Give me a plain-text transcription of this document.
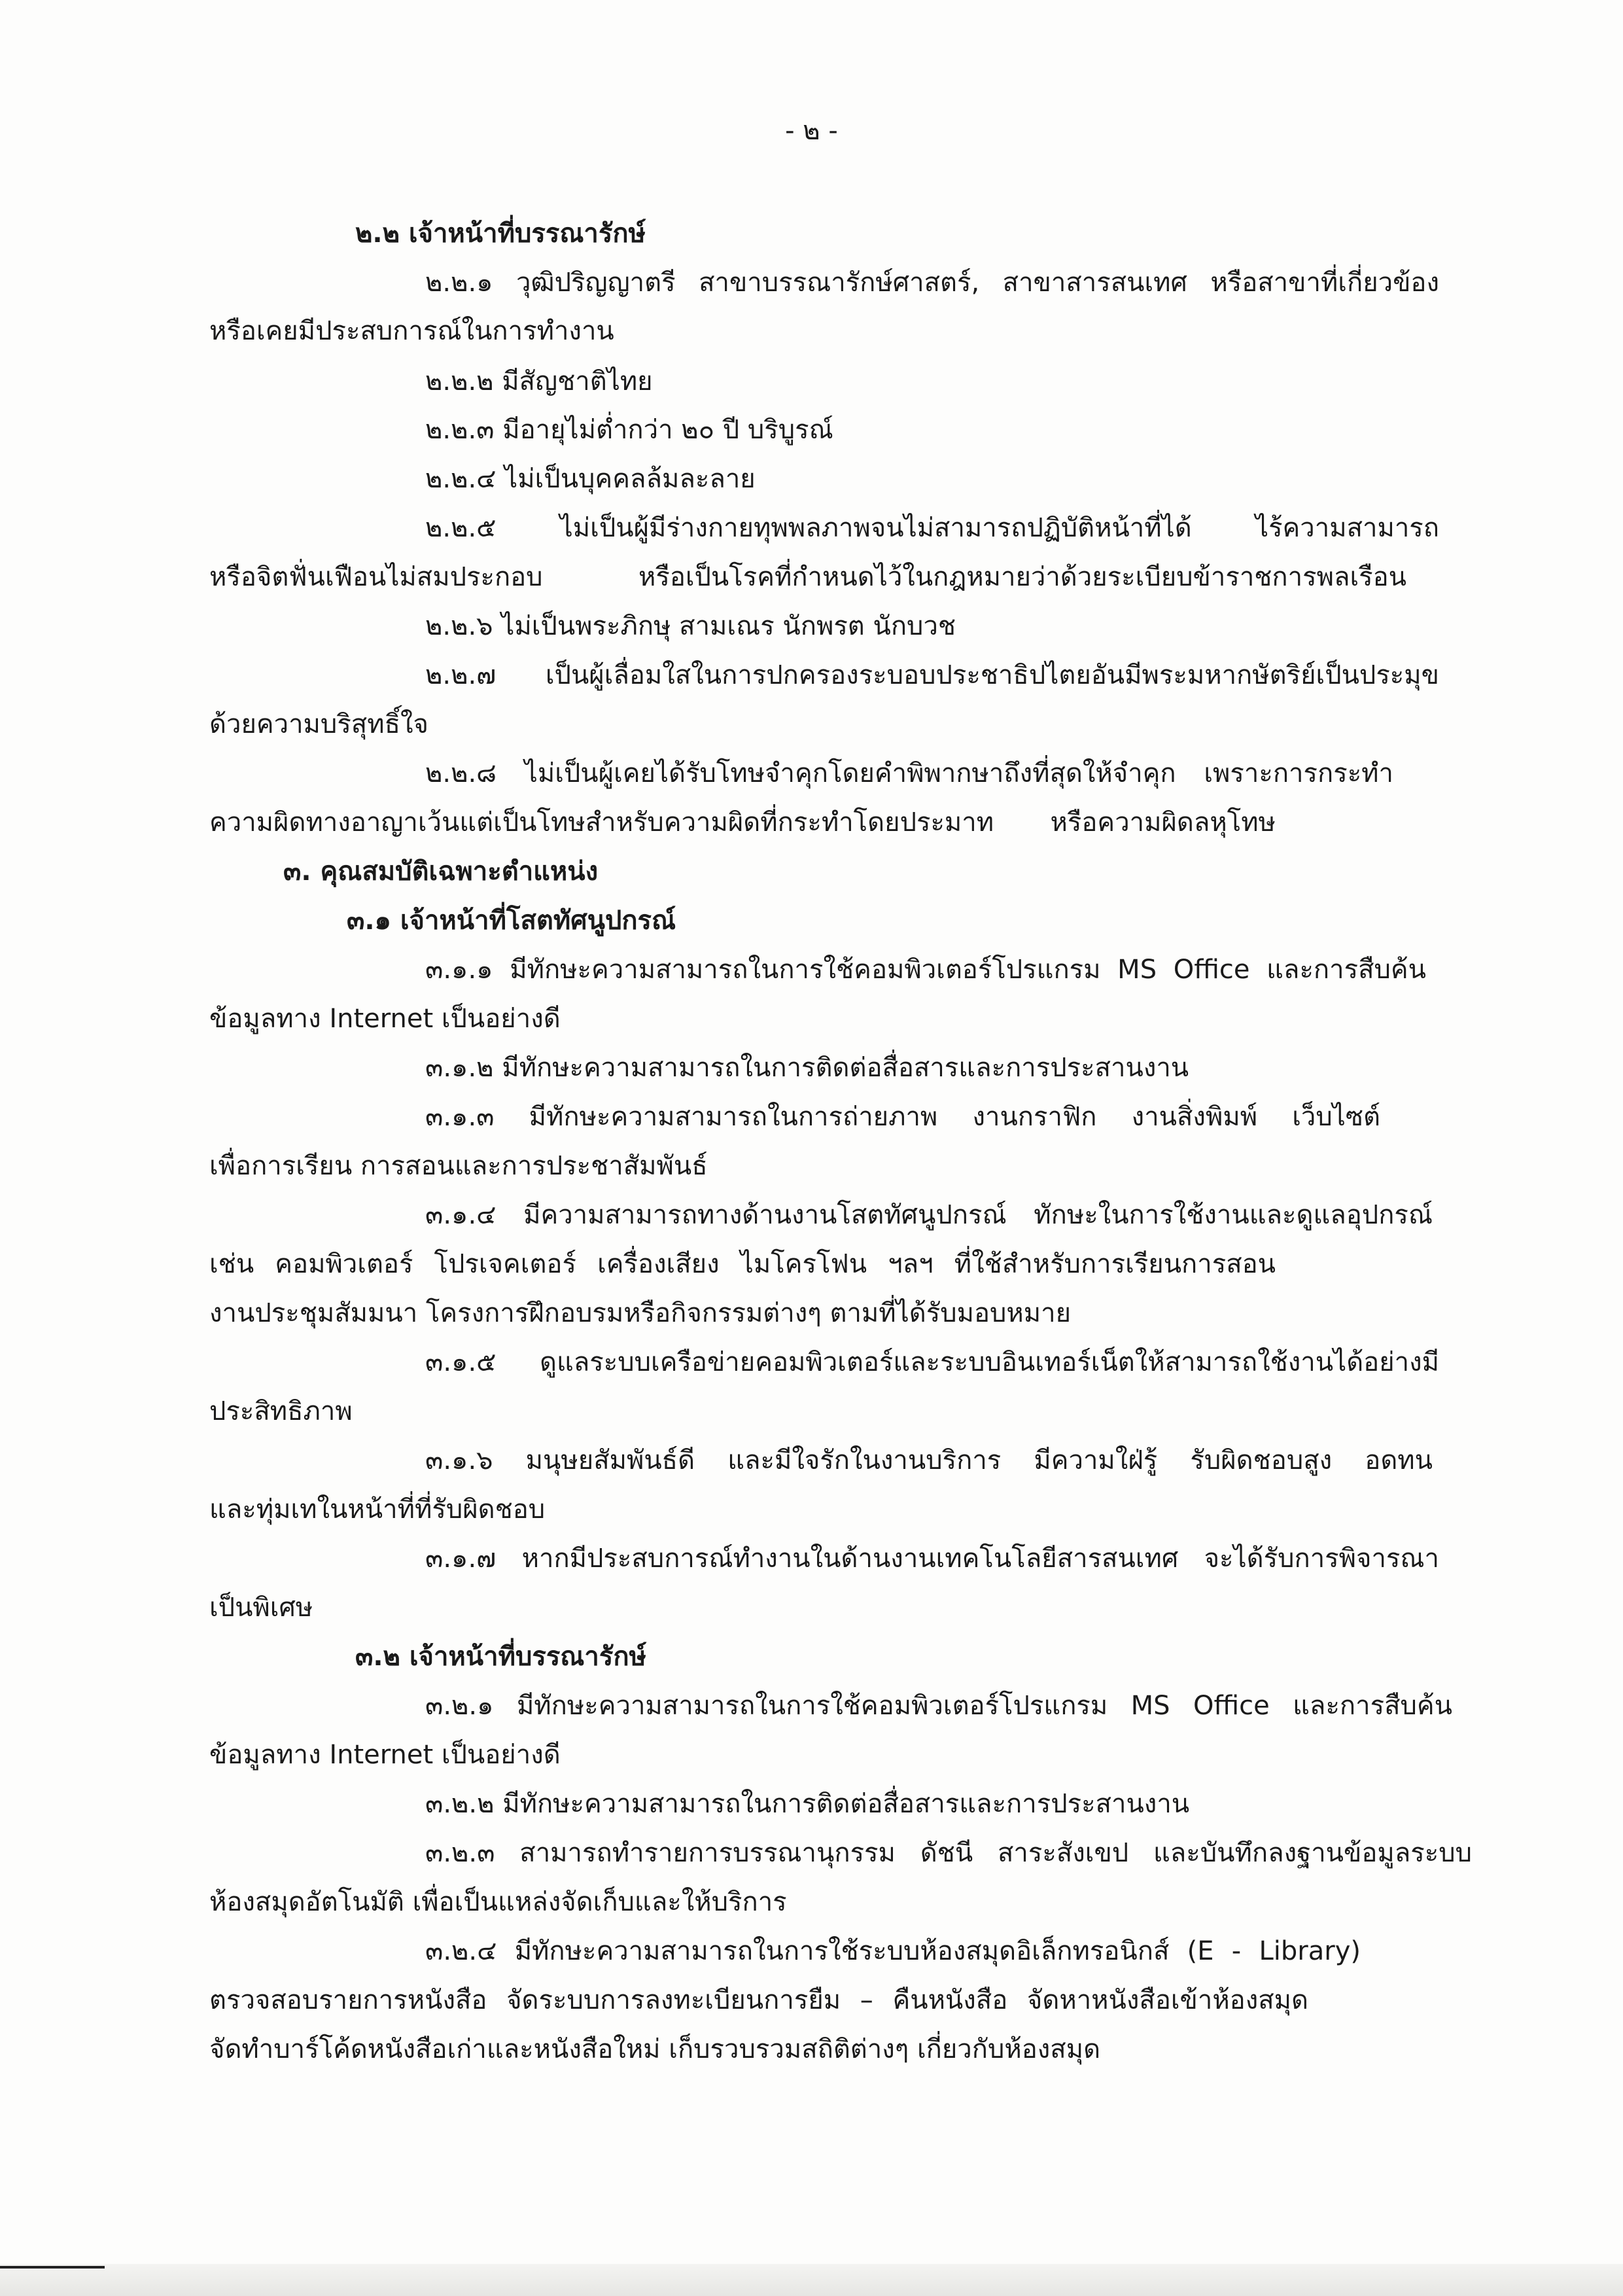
- ๒ -
๒.๒ เจ้าหน้าที่บรรณารักษ์
๒.๒.๑ วุฒิปริญญาตรี สาขาบรรณารักษ์ศาสตร์, สาขาสารสนเทศ หรือสาขาที่เกี่ยวข้อง
หรือเคยมีประสบการณ์ในการทำงาน
๒.๒.๒ มีสัญชาติไทย
๒.๒.๓ มีอายุไม่ต่ำกว่า ๒๐ ปี บริบูรณ์
๒.๒.๔ ไม่เป็นบุคคลล้มละลาย
๒.๒.๕ ไม่เป็นผู้มีร่างกายทุพพลภาพจนไม่สามารถปฏิบัติหน้าที่ได้ ไร้ความสามารถ
หรือจิตฟั่นเฟือนไม่สมประกอบ หรือเป็นโรคที่กำหนดไว้ในกฎหมายว่าด้วยระเบียบข้าราชการพลเรือน
๒.๒.๖ ไม่เป็นพระภิกษุ สามเณร นักพรต นักบวช
๒.๒.๗ เป็นผู้เลื่อมใสในการปกครองระบอบประชาธิปไตยอันมีพระมหากษัตริย์เป็นประมุข
ด้วยความบริสุทธิ์ใจ
๒.๒.๘ ไม่เป็นผู้เคยได้รับโทษจำคุกโดยคำพิพากษาถึงที่สุดให้จำคุก เพราะการกระทำ
ความผิดทางอาญาเว้นแต่เป็นโทษสำหรับความผิดที่กระทำโดยประมาท หรือความผิดลหุโทษ
๓. คุณสมบัติเฉพาะตำแหน่ง
๓.๑ เจ้าหน้าที่โสตทัศนูปกรณ์
๓.๑.๑ มีทักษะความสามารถในการใช้คอมพิวเตอร์โปรแกรม MS Office และการสืบค้น
ข้อมูลทาง Internet เป็นอย่างดี
๓.๑.๒ มีทักษะความสามารถในการติดต่อสื่อสารและการประสานงาน
๓.๑.๓ มีทักษะความสามารถในการถ่ายภาพ งานกราฟิก งานสิ่งพิมพ์ เว็บไซต์
เพื่อการเรียน การสอนและการประชาสัมพันธ์
๓.๑.๔ มีความสามารถทางด้านงานโสตทัศนูปกรณ์ ทักษะในการใช้งานและดูแลอุปกรณ์
เช่น คอมพิวเตอร์ โปรเจคเตอร์ เครื่องเสียง ไมโครโฟน ฯลฯ ที่ใช้สำหรับการเรียนการสอน
งานประชุมสัมมนา โครงการฝึกอบรมหรือกิจกรรมต่างๆ ตามที่ได้รับมอบหมาย
๓.๑.๕ ดูแลระบบเครือข่ายคอมพิวเตอร์และระบบอินเทอร์เน็ตให้สามารถใช้งานได้อย่างมี
ประสิทธิภาพ
๓.๑.๖ มนุษยสัมพันธ์ดี และมีใจรักในงานบริการ มีความใฝ่รู้ รับผิดชอบสูง อดทน
และทุ่มเทในหน้าที่ที่รับผิดชอบ
๓.๑.๗ หากมีประสบการณ์ทำงานในด้านงานเทคโนโลยีสารสนเทศ จะได้รับการพิจารณา
เป็นพิเศษ
๓.๒ เจ้าหน้าที่บรรณารักษ์
๓.๒.๑ มีทักษะความสามารถในการใช้คอมพิวเตอร์โปรแกรม MS Office และการสืบค้น
ข้อมูลทาง Internet เป็นอย่างดี
๓.๒.๒ มีทักษะความสามารถในการติดต่อสื่อสารและการประสานงาน
๓.๒.๓ สามารถทำรายการบรรณานุกรรม ดัชนี สาระสังเขป และบันทึกลงฐานข้อมูลระบบ
ห้องสมุดอัตโนมัติ เพื่อเป็นแหล่งจัดเก็บและให้บริการ
๓.๒.๔ มีทักษะความสามารถในการใช้ระบบห้องสมุดอิเล็กทรอนิกส์ (E - Library)
ตรวจสอบรายการหนังสือ จัดระบบการลงทะเบียนการยืม – คืนหนังสือ จัดหาหนังสือเข้าห้องสมุด
จัดทำบาร์โค้ดหนังสือเก่าและหนังสือใหม่ เก็บรวบรวมสถิติต่างๆ เกี่ยวกับห้องสมุด
